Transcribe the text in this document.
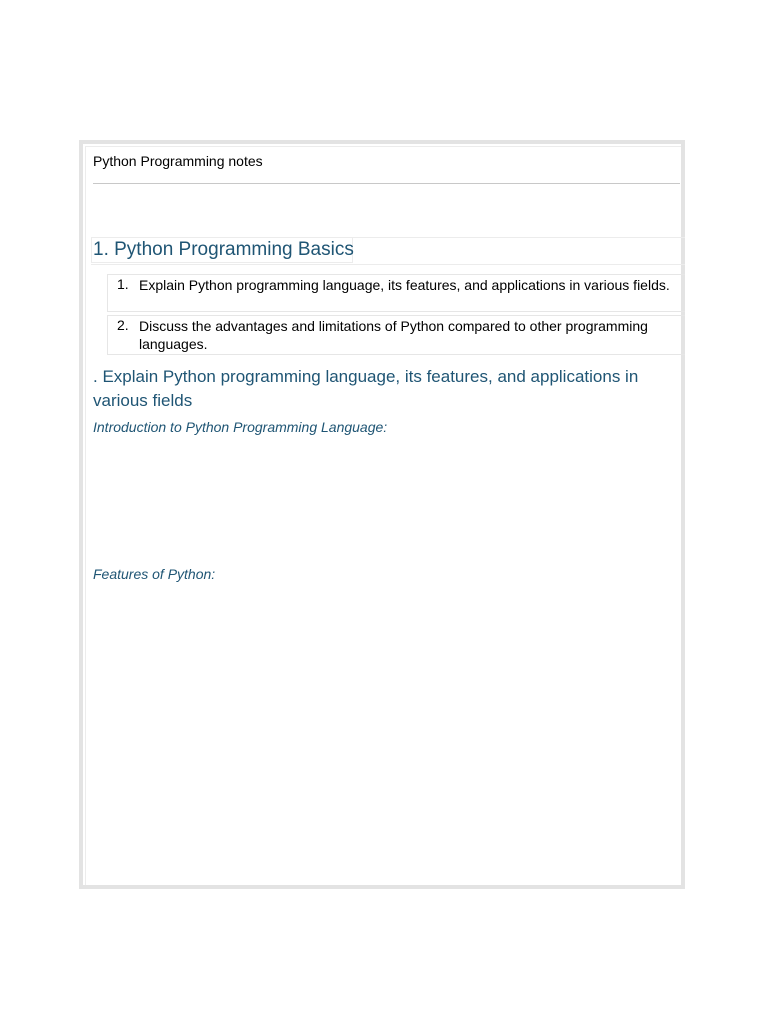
Python Programming notes
1. Python Programming Basics
1. Explain Python programming language, its features, and applications in various fields.
2. Discuss the advantages and limitations of Python compared to other programming languages.
. Explain Python programming language, its features, and applications in various fields
Introduction to Python Programming Language:
Features of Python:
